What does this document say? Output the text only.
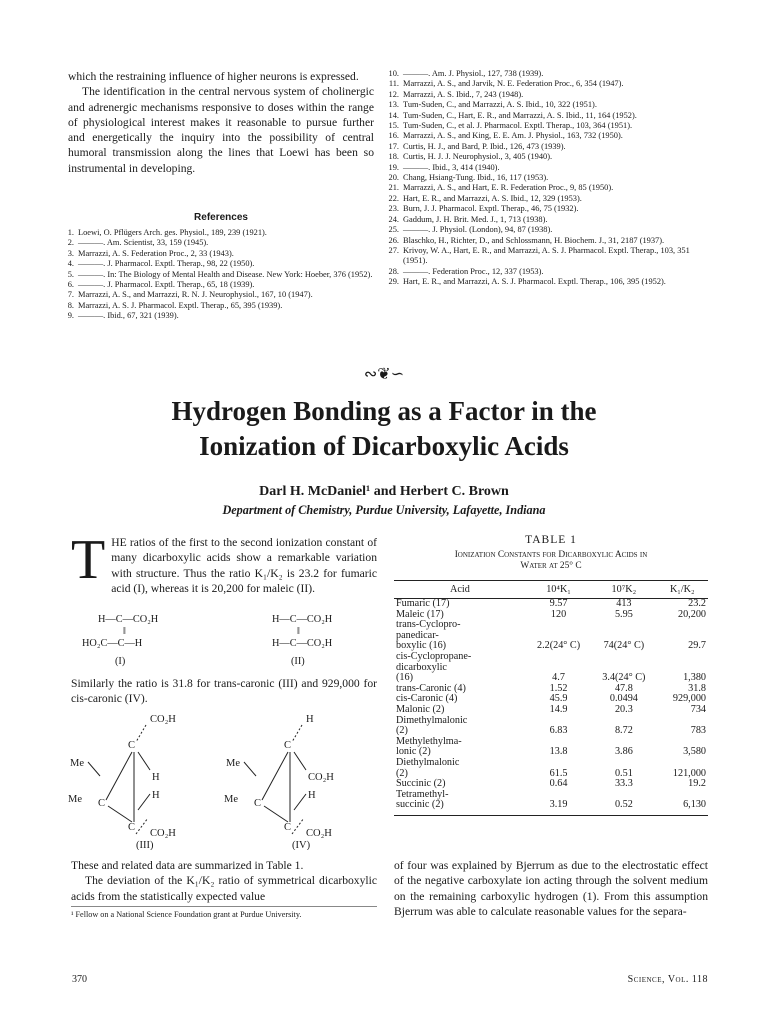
which the restraining influence of higher neurons is expressed.

The identification in the central nervous system of cholinergic and adrenergic mechanisms responsive to doses within the range of physiological interest makes it reasonable to pursue further and energetically the inquiry into the possibility of central humoral transmission along the lines that Loewi has been so instrumental in developing.

References
1. Loewi, O. Pflügers Arch. ges. Physiol., 189, 239 (1921).
2. ———. Am. Scientist, 33, 159 (1945).
3. Marrazzi, A. S. Federation Proc., 2, 33 (1943).
4. ———. J. Pharmacol. Exptl. Therap., 98, 22 (1950).
5. ———. In: The Biology of Mental Health and Disease. New York: Hoeber, 376 (1952).
6. ———. J. Pharmacol. Exptl. Therap., 65, 18 (1939).
7. Marrazzi, A. S., and Marrazzi, R. N. J. Neurophysiol., 167, 10 (1947).
8. Marrazzi, A. S. J. Pharmacol. Exptl. Therap., 65, 395 (1939).
9. ———. Ibid., 67, 321 (1939).
10. ———. Am. J. Physiol., 127, 738 (1939).
11. Marrazzi, A. S., and Jarvik, N. E. Federation Proc., 6, 354 (1947).
12. Marrazzi, A. S. Ibid., 7, 243 (1948).
13. Tum-Suden, C., and Marrazzi, A. S. Ibid., 10, 322 (1951).
14. Tum-Suden, C., Hart, E. R., and Marrazzi, A. S. Ibid., 11, 164 (1952).
15. Tum-Suden, C., et al. J. Pharmacol. Exptl. Therap., 103, 364 (1951).
16. Marrazzi, A. S., and King, E. E. Am. J. Physiol., 163, 732 (1950).
17. Curtis, H. J., and Bard, P. Ibid., 126, 473 (1939).
18. Curtis, H. J. J. Neurophysiol., 3, 405 (1940).
19. ———. Ibid., 3, 414 (1940).
20. Chang, Hsiang-Tung. Ibid., 16, 117 (1953).
21. Marrazzi, A. S., and Hart, E. R. Federation Proc., 9, 85 (1950).
22. Hart, E. R., and Marrazzi, A. S. Ibid., 12, 329 (1953).
23. Burn, J. J. Pharmacol. Exptl. Therap., 46, 75 (1932).
24. Gaddum, J. H. Brit. Med. J., 1, 713 (1938).
25. ———. J. Physiol. (London), 94, 87 (1938).
26. Blaschko, H., Richter, D., and Schlossmann, H. Biochem. J., 31, 2187 (1937).
27. Krivoy, W. A., Hart, E. R., and Marrazzi, A. S. J. Pharmacol. Exptl. Therap., 103, 351 (1951).
28. ———. Federation Proc., 12, 337 (1953).
29. Hart, E. R., and Marrazzi, A. S. J. Pharmacol. Exptl. Therap., 106, 395 (1952).
∾❦∽
Hydrogen Bonding as a Factor in the
Ionization of Dicarboxylic Acids
Darl H. McDaniel¹ and Herbert C. Brown
Department of Chemistry, Purdue University, Lafayette, Indiana
T HE ratios of the first to the second ionization constant of many dicarboxylic acids show a remarkable variation with structure. Thus the ratio K₁/K₂ is 23.2 for fumaric acid (I), whereas it is 20,200 for maleic (II).
H—C—CO₂H
‖
HO₂C—C—H
(I)
H—C—CO₂H
‖
H—C—CO₂H
(II)
Similarly the ratio is 31.8 for trans-caronic (III) and 929,000 for cis-caronic (IV).
CO₂H
C
H
Me
C
Me	H
C
CO₂H
(III)
H
C
CO₂H
Me
C
Me	H
C
CO₂H
(IV)

These and related data are summarized in Table 1.

The deviation of the K₁/K₂ ratio of symmetrical dicarboxylic acids from the statistically expected value

¹ Fellow on a National Science Foundation grant at Purdue University.
TABLE 1
Ionization Constants for Dicarboxylic Acids in
Water at 25° C
Acid	10⁴K₁	10⁷K₂	K₁/K₂
Fumaric (17)	9.57	413	23.2
Maleic (17)	120	5.95	20,200
trans-Cyclopro-			
panedicar-			
boxylic (16)	2.2(24° C)	74(24° C)	29.7
cis-Cyclopropane-			
dicarboxylic			
(16)	4.7	3.4(24° C)	1,380
trans-Caronic (4)	1.52	47.8	31.8
cis-Caronic (4)	45.9	0.0494	929,000
Malonic (2)	14.9	20.3	734
Dimethylmalonic			
(2)	6.83	8.72	783
Methylethylma-			
lonic (2)	13.8	3.86	3,580
Diethylmalonic			
(2)	61.5	0.51	121,000
Succinic (2)	0.64	33.3	19.2
Tetramethyl-			
succinic (2)	3.19	0.52	6,130
of four was explained by Bjerrum as due to the electrostatic effect of the negative carboxylate ion acting through the solvent medium on the remaining carboxylic hydrogen (1). From this assumption Bjerrum was able to calculate reasonable values for the separa-
370	Science, Vol. 118
